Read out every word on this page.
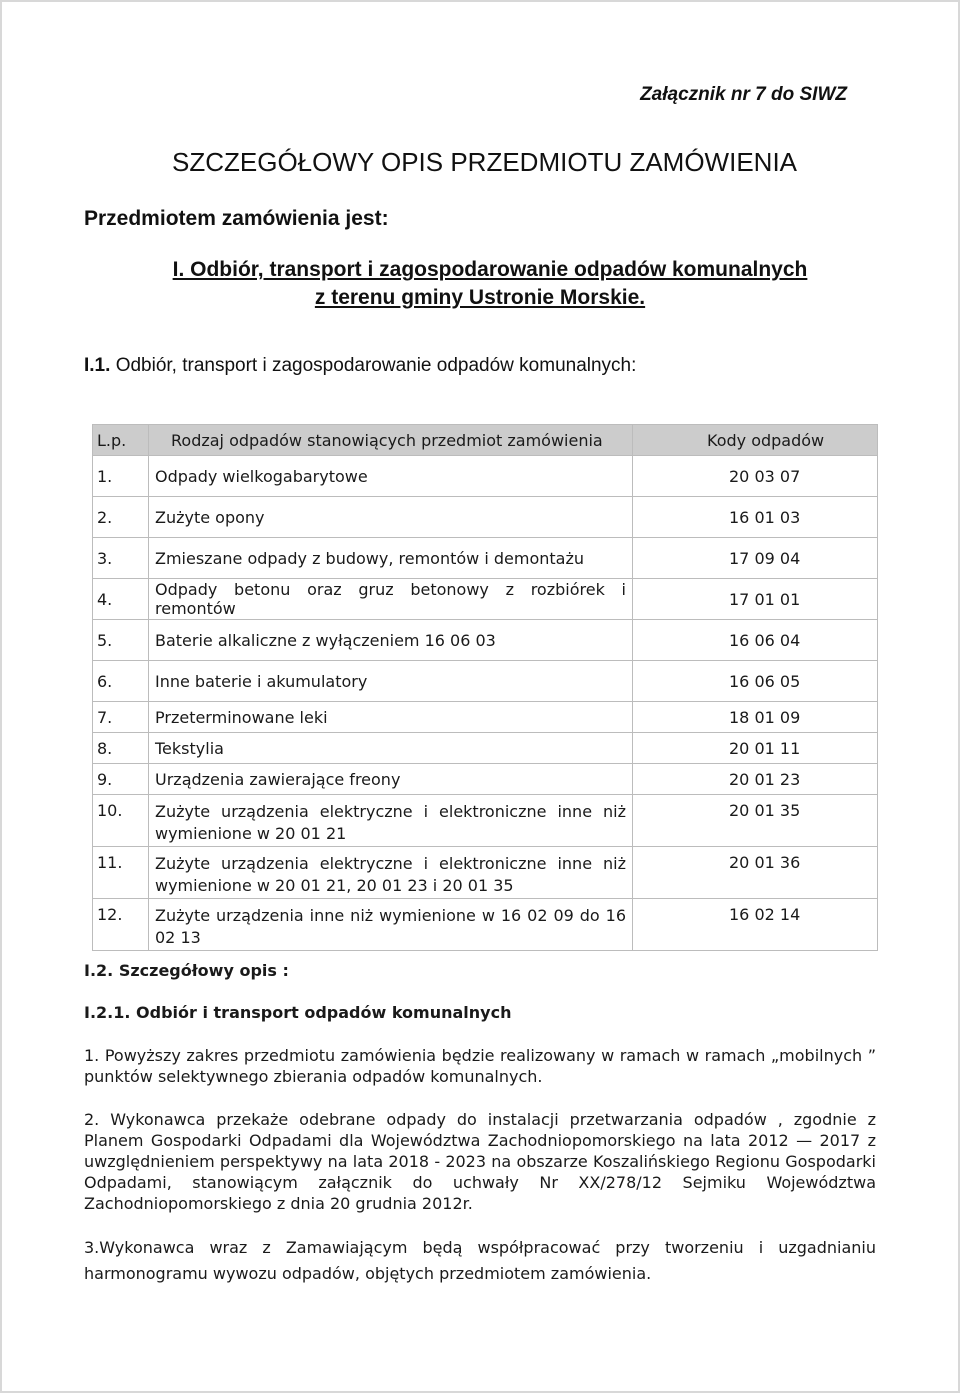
Załącznik nr 7 do SIWZ
SZCZEGÓŁOWY OPIS PRZEDMIOTU ZAMÓWIENIA
Przedmiotem zamówienia jest:
I. Odbiór, transport i zagospodarowanie odpadów komunalnych
z terenu gminy Ustronie Morskie.
I.1. Odbiór, transport i zagospodarowanie odpadów komunalnych:
L.p.	Rodzaj odpadów stanowiących przedmiot zamówienia	Kody odpadów
1.	Odpady wielkogabarytowe	20 03 07
2.	Zużyte opony	16 01 03
3.	Zmieszane odpady z budowy, remontów i demontażu	17 09 04
4.	Odpady betonu oraz gruz betonowy z rozbiórek i remontów	17 01 01
5.	Baterie alkaliczne z wyłączeniem 16 06 03	16 06 04
6.	Inne baterie i akumulatory	16 06 05
7.	Przeterminowane leki	18 01 09
8.	Tekstylia	20 01 11
9.	Urządzenia zawierające freony	20 01 23
10.	Zużyte urządzenia elektryczne i elektroniczne inne niż wymienione w 20 01 21	20 01 35
11.	Zużyte urządzenia elektryczne i elektroniczne inne niż wymienione w 20 01 21, 20 01 23 i 20 01 35	20 01 36
12.	Zużyte urządzenia inne niż wymienione w 16 02 09 do 16 02 13	16 02 14
I.2. Szczegółowy opis :
I.2.1. Odbiór i transport odpadów komunalnych
1. Powyższy zakres przedmiotu zamówienia będzie realizowany w ramach w ramach „mobilnych ” punktów selektywnego zbierania odpadów komunalnych.
2. Wykonawca przekaże odebrane odpady do instalacji przetwarzania odpadów , zgodnie z Planem Gospodarki Odpadami dla Województwa Zachodniopomorskiego na lata 2012 — 2017 z uwzględnieniem perspektywy na lata 2018 - 2023 na obszarze Koszalińskiego Regionu Gospodarki Odpadami, stanowiącym załącznik do uchwały Nr XX/278/12 Sejmiku Województwa Zachodniopomorskiego z dnia 20 grudnia 2012r.
3.Wykonawca wraz z Zamawiającym będą współpracować przy tworzeniu i uzgadnianiu harmonogramu wywozu odpadów, objętych przedmiotem zamówienia.
